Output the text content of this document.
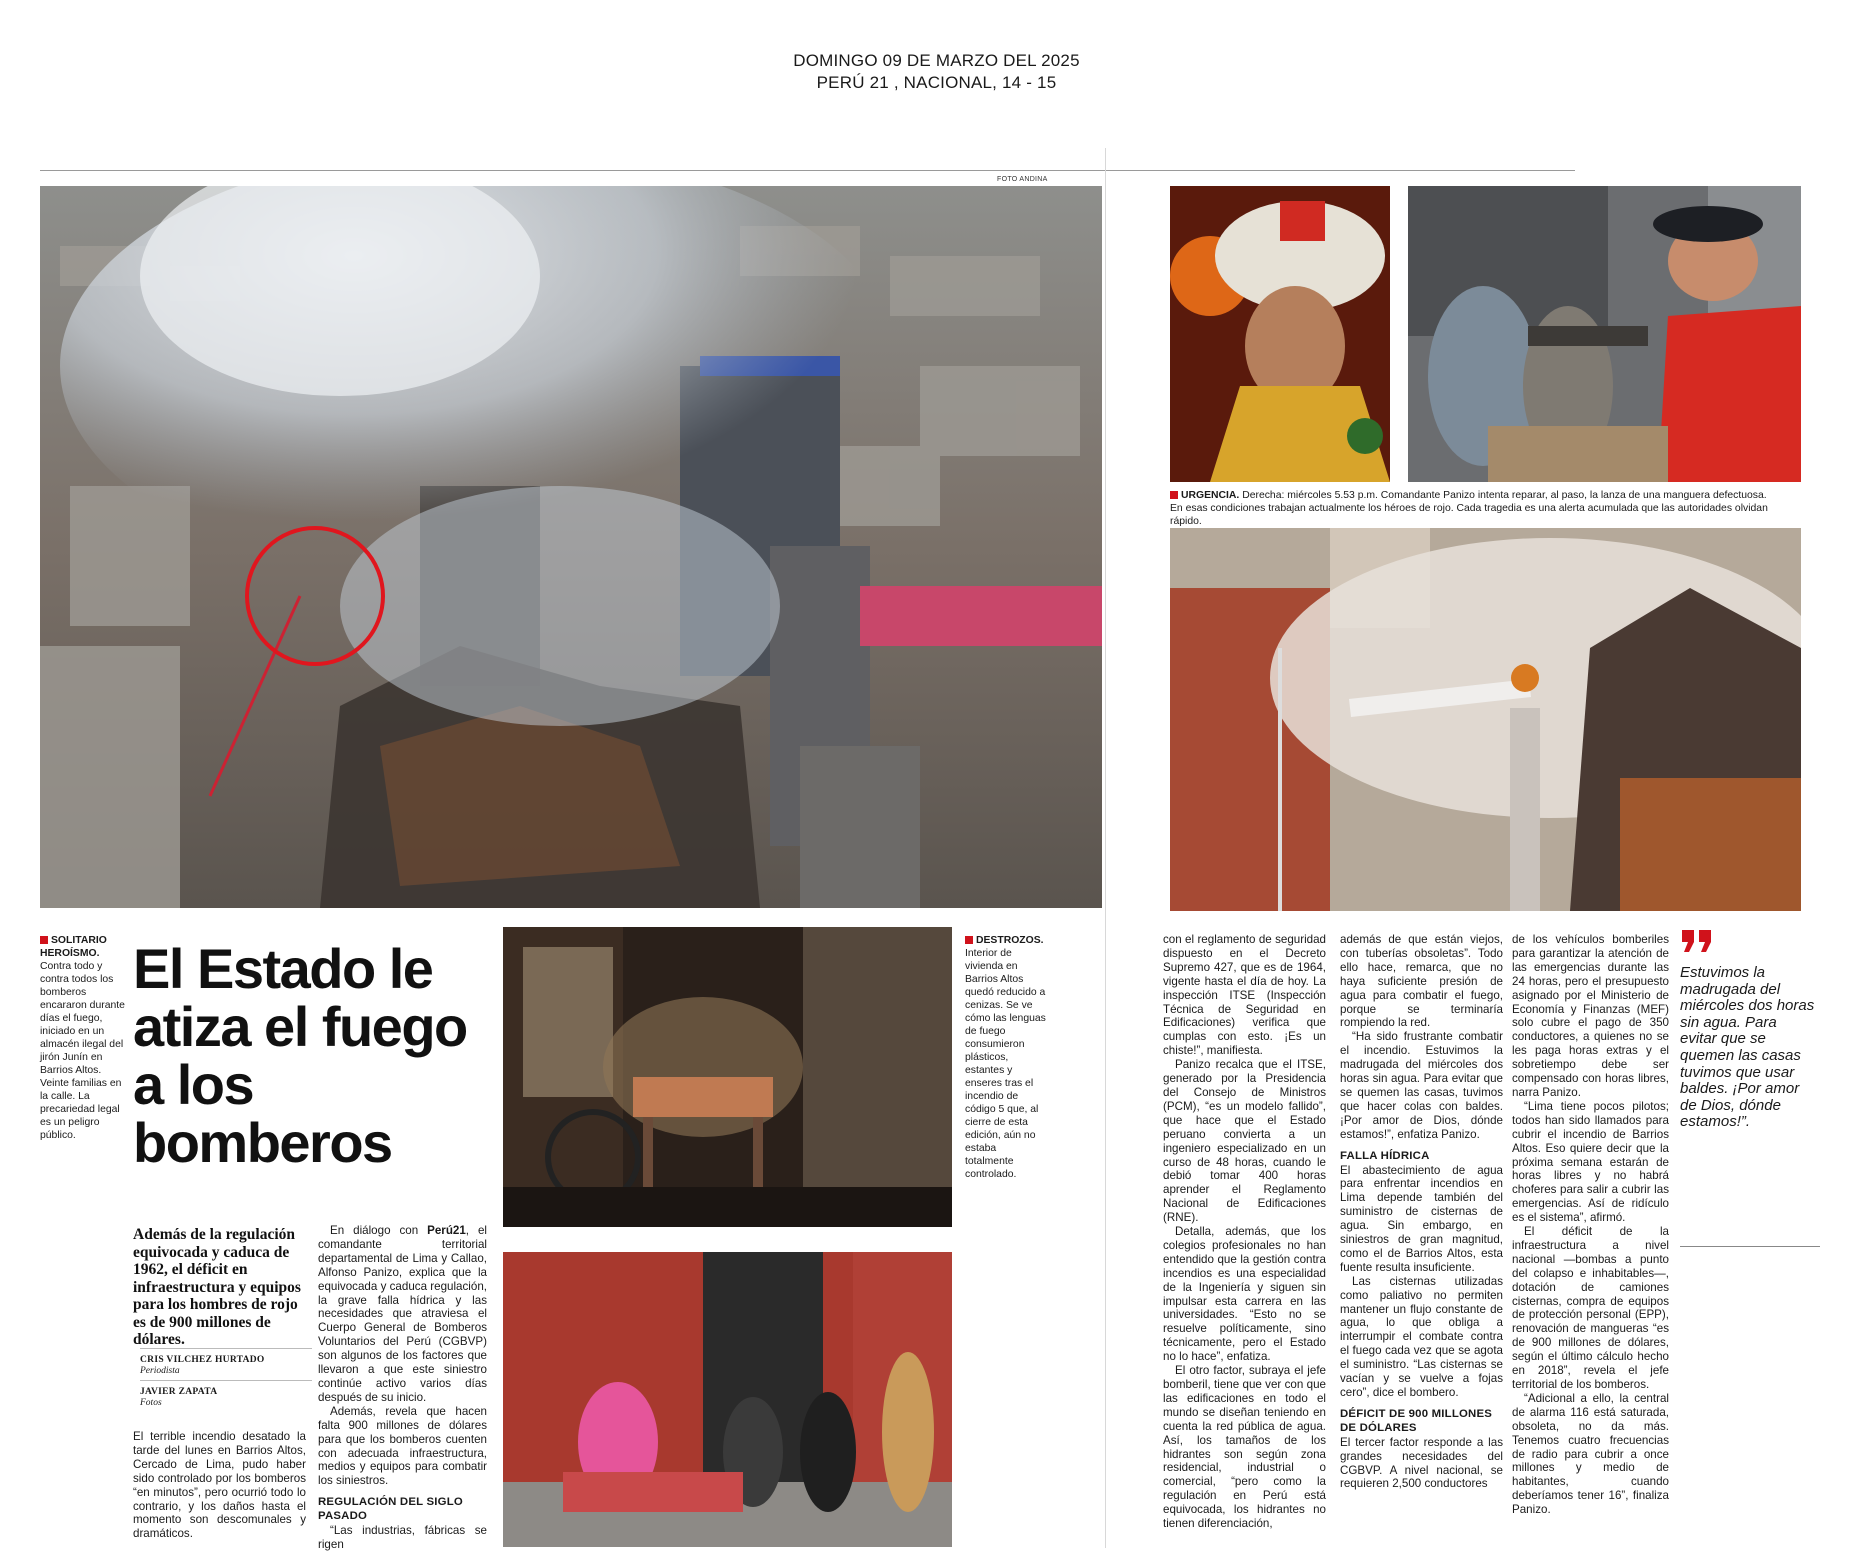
DOMINGO 09 DE MARZO DEL 2025
PERÚ 21 , NACIONAL, 14 - 15
FOTO ANDINA
URGENCIA. Derecha: miércoles 5.53 p.m. Comandante Panizo intenta reparar, al paso, la lanza de una manguera defectuosa. En esas condiciones trabajan actualmente los héroes de rojo. Cada tragedia es una alerta acumulada que las autoridades olvidan rápido.
SOLITARIO HEROÍSMO. Contra todo y contra todos los bomberos encararon durante días el fuego, iniciado en un almacén ilegal del jirón Junín en Barrios Altos. Veinte familias en la calle. La precariedad legal es un peligro público.
El Estado le atiza el fuego a los bomberos
Además de la regulación equivocada y caduca de 1962, el déficit en infraestructura y equipos para los hombres de rojo es de 900 millones de dólares.
CRIS VILCHEZ HURTADO
Periodista
JAVIER ZAPATA
Fotos

El terrible incendio desatado la tarde del lunes en Barrios Altos, Cercado de Lima, pudo haber sido controlado por los bomberos “en minutos”, pero ocurrió todo lo contrario, y los daños hasta el momento son descomunales y dramáticos.

DESTROZOS. Interior de vivienda en Barrios Altos quedó reducido a cenizas. Se ve cómo las lenguas de fuego consumieron plásticos, estantes y enseres tras el incendio de código 5 que, al cierre de esta edición, aún no estaba totalmente controlado.

En diálogo con Perú21, el comandante territorial departamental de Lima y Callao, Alfonso Panizo, explica que la equivocada y caduca regulación, la grave falla hídrica y las necesidades que atraviesa el Cuerpo General de Bomberos Voluntarios del Perú (CGBVP) son algunos de los factores que llevaron a que este siniestro continúe activo varios días después de su inicio.

Además, revela que hacen falta 900 millones de dólares para que los bomberos cuenten con adecuada infraestructura, medios y equipos para combatir los siniestros.

REGULACIÓN DEL SIGLO PASADO

“Las industrias, fábricas se rigen

con el reglamento de seguridad dispuesto en el Decreto Supremo 427, que es de 1964, vigente hasta el día de hoy. La inspección ITSE (Inspección Técnica de Seguridad en Edificaciones) verifica que cumplas con esto. ¡Es un chiste!”, manifiesta.

Panizo recalca que el ITSE, generado por la Presidencia del Consejo de Ministros (PCM), “es un modelo fallido”, que hace que el Estado peruano convierta a un ingeniero especializado en un curso de 48 horas, cuando le debió tomar 400 horas aprender el Reglamento Nacional de Edificaciones (RNE).

Detalla, además, que los colegios profesionales no han entendido que la gestión contra incendios es una especialidad de la Ingeniería y siguen sin impulsar esta carrera en las universidades. “Esto no se resuelve políticamente, sino técnicamente, pero el Estado no lo hace”, enfatiza.

El otro factor, subraya el jefe bomberil, tiene que ver con que las edificaciones en todo el mundo se diseñan teniendo en cuenta la red pública de agua. Así, los tamaños de los hidrantes son según zona residencial, industrial o comercial, “pero como la regulación en Perú está equivocada, los hidrantes no tienen diferenciación,

además de que están viejos, con tuberías obsoletas”. Todo ello hace, remarca, que no haya suficiente presión de agua para combatir el fuego, porque se terminaría rompiendo la red.

“Ha sido frustrante combatir el incendio. Estuvimos la madrugada del miércoles dos horas sin agua. Para evitar que se quemen las casas, tuvimos que hacer colas con baldes. ¡Por amor de Dios, dónde estamos!”, enfatiza Panizo.

FALLA HÍDRICA

El abastecimiento de agua para enfrentar incendios en Lima depende también del suministro de cisternas de agua. Sin embargo, en siniestros de gran magnitud, como el de Barrios Altos, esta fuente resulta insuficiente.

Las cisternas utilizadas como paliativo no permiten mantener un flujo constante de agua, lo que obliga a interrumpir el combate contra el fuego cada vez que se agota el suministro. “Las cisternas se vacían y se vuelve a fojas cero”, dice el bombero.

DÉFICIT DE 900 MILLONES DE DÓLARES

El tercer factor responde a las grandes necesidades del CGBVP. A nivel nacional, se requieren 2,500 conductores

de los vehículos bomberiles para garantizar la atención de las emergencias durante las 24 horas, pero el presupuesto asignado por el Ministerio de Economía y Finanzas (MEF) solo cubre el pago de 350 conductores, a quienes no se les paga horas extras y el sobretiempo debe ser compensado con horas libres, narra Panizo.

“Lima tiene pocos pilotos; todos han sido llamados para cubrir el incendio de Barrios Altos. Eso quiere decir que la próxima semana estarán de horas libres y no habrá choferes para salir a cubrir las emergencias. Así de ridículo es el sistema”, afirmó.

El déficit de la infraestructura a nivel nacional —bombas a punto del colapso e inhabitables—, dotación de camiones cisternas, compra de equipos de protección personal (EPP), renovación de mangueras “es de 900 millones de dólares, según el último cálculo hecho en 2018”, revela el jefe territorial de los bomberos.

“Adicional a ello, la central de alarma 116 está saturada, obsoleta, no da más. Tenemos cuatro frecuencias de radio para cubrir a once millones y medio de habitantes, cuando deberíamos tener 16”, finaliza Panizo.

Estuvimos la madrugada del miércoles dos horas sin agua. Para evitar que se quemen las casas tuvimos que usar baldes. ¡Por amor de Dios, dónde estamos!”.
